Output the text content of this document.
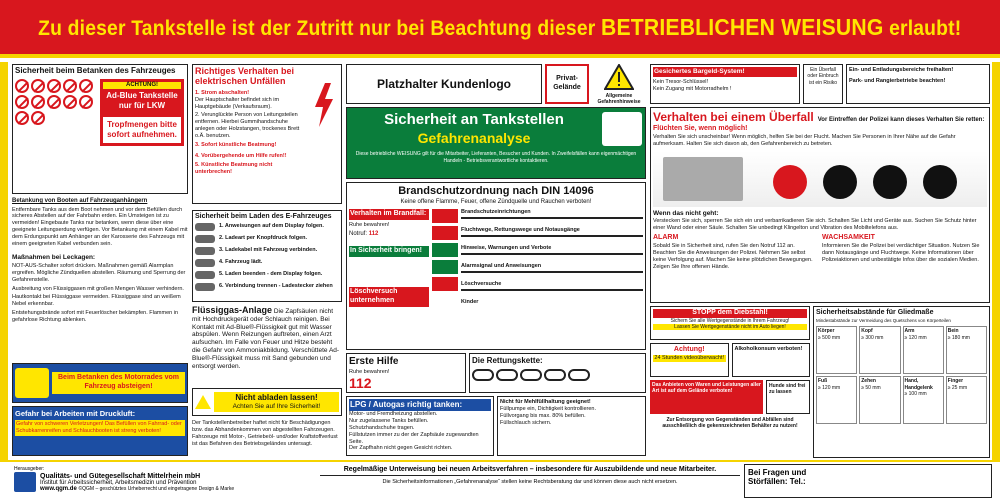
Zu dieser Tankstelle ist der Zutritt nur bei Beachtung dieser BETRIEBLICHEN WEISUNG erlaubt!
Sicherheit beim Betanken des Fahrzeuges
ACHTUNG!
Ad-Blue Tankstelle nur für LKW
Tropfmengen bitte sofort aufnehmen.
Betankung von Booten auf Fahrzeuganhängern
Entfernbare Tanks aus dem Boot nehmen und vor dem Befüllen durch sicheres Abstellen auf der Fahrbahn erden. Ein Umsteigen ist zu vermeiden! Eingebaute Tanks nur betanken, wenn diese über eine geeignete Leitungserdung verfügen. Vor Betankung mit einem Kabel mit dem Erdungspunkt am Anhänger an der Karosserie des Fahrzeugs mit einem geeigneten Kabel verbunden sein.
Maßnahmen bei Leckagen:
NOT-AUS-Schalter sofort drücken. Maßnahmen gemäß Alarmplan ergreifen. Mögliche Zündquellen abstellen. Räumung und Sperrung der Gefahrenstelle.
Ausbreitung von Flüssiggasen mit großen Mengen Wasser verhindern.
Hautkontakt bei Flüssiggase vermeiden. Flüssiggase sind an weißem Nebel erkennbar.
Entstehungsbrände sofort mit Feuerlöscher bekämpfen. Flammen in gefahrlose Richtung ablenken.
Beim Betanken des Motorrades vom Fahrzeug absteigen!
Gefahr bei Arbeiten mit Druckluft:
Gefahr von schweren Verletzungen! Das Befüllen von Fahrrad- oder Schubkarrenreifen und Schlauchbooten ist streng verboten!
Richtiges Verhalten bei elektrischen Unfällen
1. Strom abschalten!
Der Hauptschalter befindet sich im Hauptgebäude (Verkaufsraum).
2. Verunglückte Person von Leitungsteilen entfernen. Hierbei Gummihandschuhe anlegen oder Holzstangen, trockenes Brett o.Ä. benutzen.
3. Sofort künstliche Beatmung!
4. Vorübergehende um Hilfe rufen!!
5. Künstliche Beatmung nicht unterbrechen!
Sicherheit beim Laden des E-Fahrzeuges
1. Anweisungen auf dem Display folgen.
2. Ladeart per Knopfdruck folgen.
3. Ladekabel mit Fahrzeug verbinden.
4. Fahrzeug lädt.
5. Laden beenden - dem Display folgen.
6. Verbindung trennen - Ladestecker ziehen
Flüssiggas-Anlage Die Zapfsäulen nicht mit Hochdruckgerät oder Schlauch reinigen. Bei Kontakt mit Ad-Blue®-Flüssigkeit gut mit Wasser abspülen. Wenn Reizungen auftreten, einen Arzt aufsuchen. Im Falle von Feuer und Hitze besteht die Gefahr von Ammoniakbildung. Verschüttete Ad-Blue®-Flüssigkeit muss mit Sand gebunden und entsorgt werden.
Nicht abladen lassen!
Achten Sie auf Ihre Sicherheit!
Der Tankstellenbetreiber haftet nicht für Beschädigungen bzw. das Abhandenkommen von abgestellten Fahrzeugen. Fahrzeuge mit Motor-, Getriebeöl- und/oder Kraftstoffverlust ist das Befahren des Betriebsgeländes untersagt.
Platzhalter Kundenlogo	Privat-Gelände
Allgemeine Gefahrenhinweise
Sicherheit an Tankstellen
Gefahrenanalyse
Diese betriebliche WEISUNG gilt für die Mitarbeiter, Lieferanten, Besucher und Kunden. In Zweifelsfällen kann eigenmächtigen Handeln - Betriebsverantwortliche kontaktieren.
Brandschutzordnung nach DIN 14096
Keine offene Flamme, Feuer, offene Zündquelle und Rauchen verboten!
Verhalten im Brandfall:
Ruhe bewahren!
Notruf: 112
In Sicherheit bringen!
Löschversuch unternehmen
Brandschutzeinrichtungen
Fluchtwege, Rettungswege und Notausgänge
Hinweise, Warnungen und Verbote
Alarmsignal und Anweisungen
Löschversuche
Kinder
Erste Hilfe
Ruhe bewahren!
112
Die Rettungskette:
LPG / Autogas richtig tanken:
Motor- und Fremdheizung abstellen.
Nur zugelassene Tanks befüllen.
Schutzhandschuhe tragen.
Füllstutzen immer zu der der Zapfsäule zugewandten Seite.
Der Zapfhahn nicht gegen Gesicht richten.
Nicht für Mehlfüllhaltung geeignet!
Füllpumpe ein, Dichtigkeit kontrollieren.
Füllvorgang bis max. 80% befüllen.
Füllschlauch sichern.
Gesichertes Bargeld-System!
Kein Tresor-Schlüssel!
Kein Zugang mit Motorradhelm !
Ein Überfall oder Einbruch ist ein Risiko
Ein- und Entladungsbereiche freihalten!
Park- und Rangierbetriebe beachten!
Verhalten bei einem Überfall Vor Eintreffen der Polizei kann dieses Verhalten Sie retten:
Flüchten Sie, wenn möglich!
Verhalten Sie sich unscheinbar! Wenn möglich, helfen Sie bei der Flucht. Machen Sie Personen in Ihrer Nähe auf die Gefahr aufmerksam. Halten Sie sich davon ab, den Gefahrenbereich zu betreten.
Wenn das nicht geht:
Verstecken Sie sich, sperren Sie sich ein und verbarrikadieren Sie sich. Schalten Sie Licht und Geräte aus. Suchen Sie Schutz hinter einer Wand oder einer Säule. Schalten Sie unbedingt Klingelton und Vibration des Mobiltelefons aus.
ALARM
Sobald Sie in Sicherheit sind, rufen Sie den Notruf 112 an. Beachten Sie die Anweisungen der Polizei. Nehmen Sie selbst keine Verfolgung auf. Machen Sie keine plötzlichen Bewegungen. Zeigen Sie Ihre offenen Hände.
WACHSAMKEIT
Informieren Sie die Polizei bei verdächtiger Situation. Nutzen Sie dann Notausgänge und Fluchtwege. Keine Informationen über Polizeiaktionen und unbestätigte Infos über die sozialen Medien.
STOPP dem Diebstahl!
Sichern Sie alle Wertgegenstände in Ihrem Fahrzeug!
Lassen Sie Wertgegenstände nicht im Auto liegen!
Achtung!
24 Stunden videoüberwacht!
Alkoholkonsum verboten!
Das Anbieten von Waren und Leistungen aller Art ist auf dem Gelände verboten!
Hunde sind frei zu lassen
Zur Entsorgung von Gegenständen und Abfällen sind ausschließlich die gekennzeichneten Behälter zu nutzen!
Sicherheitsabstände für Gliedmaße
Mindestabstände zur Vermeidung des Quetschens von Körperteilen
Körper
≥ 500 mm
Kopf
≥ 300 mm
Arm
≥ 120 mm
Bein
≥ 180 mm
Fuß
≥ 120 mm
Zehen
≥ 50 mm
Hand, Handgelenk
≥ 100 mm
Finger
≥ 25 mm
Herausgeber:
Qualitäts- und Gütegesellschaft Mittelrhein mbH
Institut für Arbeitssicherheit, Arbeitsmedizin und Prävention
www.qgm.de ©QGM – geschütztes Urheberrecht und eingetragene Design & Marke
Regelmäßige Unterweisung bei neuen Arbeitsverfahren – insbesondere für Auszubildende und neue Mitarbeiter.
Die Sicherheitsinformationen „Gefahrenanalyse“ stellen keine Rechtsberatung dar und können diese auch nicht ersetzen.
Bei Fragen und Störfällen: Tel.:
